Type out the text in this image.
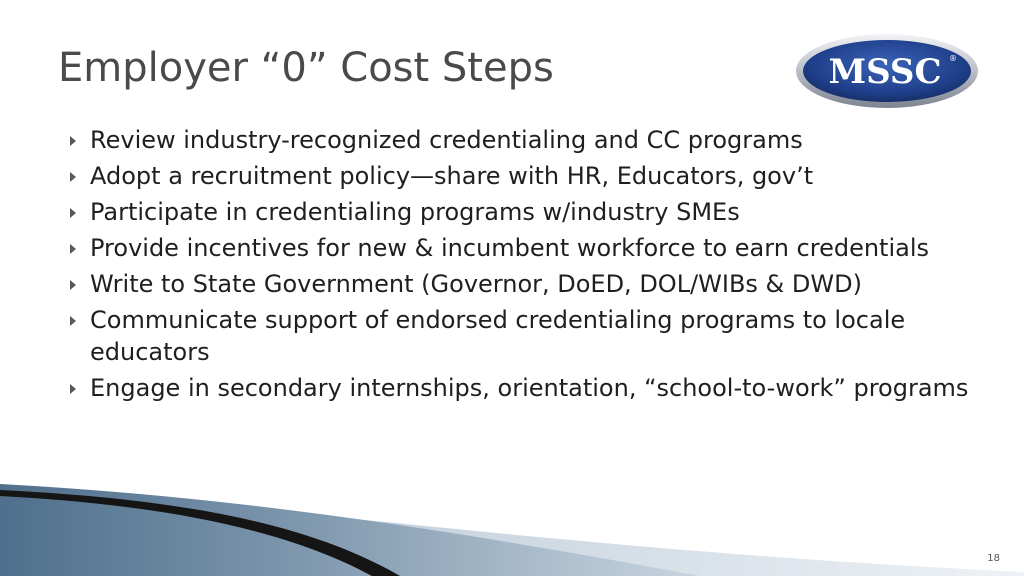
Employer “0” Cost Steps	MSSC ®
Review industry-recognized credentialing and CC programs
Adopt a recruitment policy—share with HR, Educators, gov’t
Participate in credentialing programs w/industry SMEs
Provide incentives for new & incumbent workforce to earn credentials
Write to State Government (Governor, DoED, DOL/WIBs & DWD)
Communicate support of endorsed credentialing programs to locale educators
Engage in secondary internships, orientation, “school-to-work” programs
18
